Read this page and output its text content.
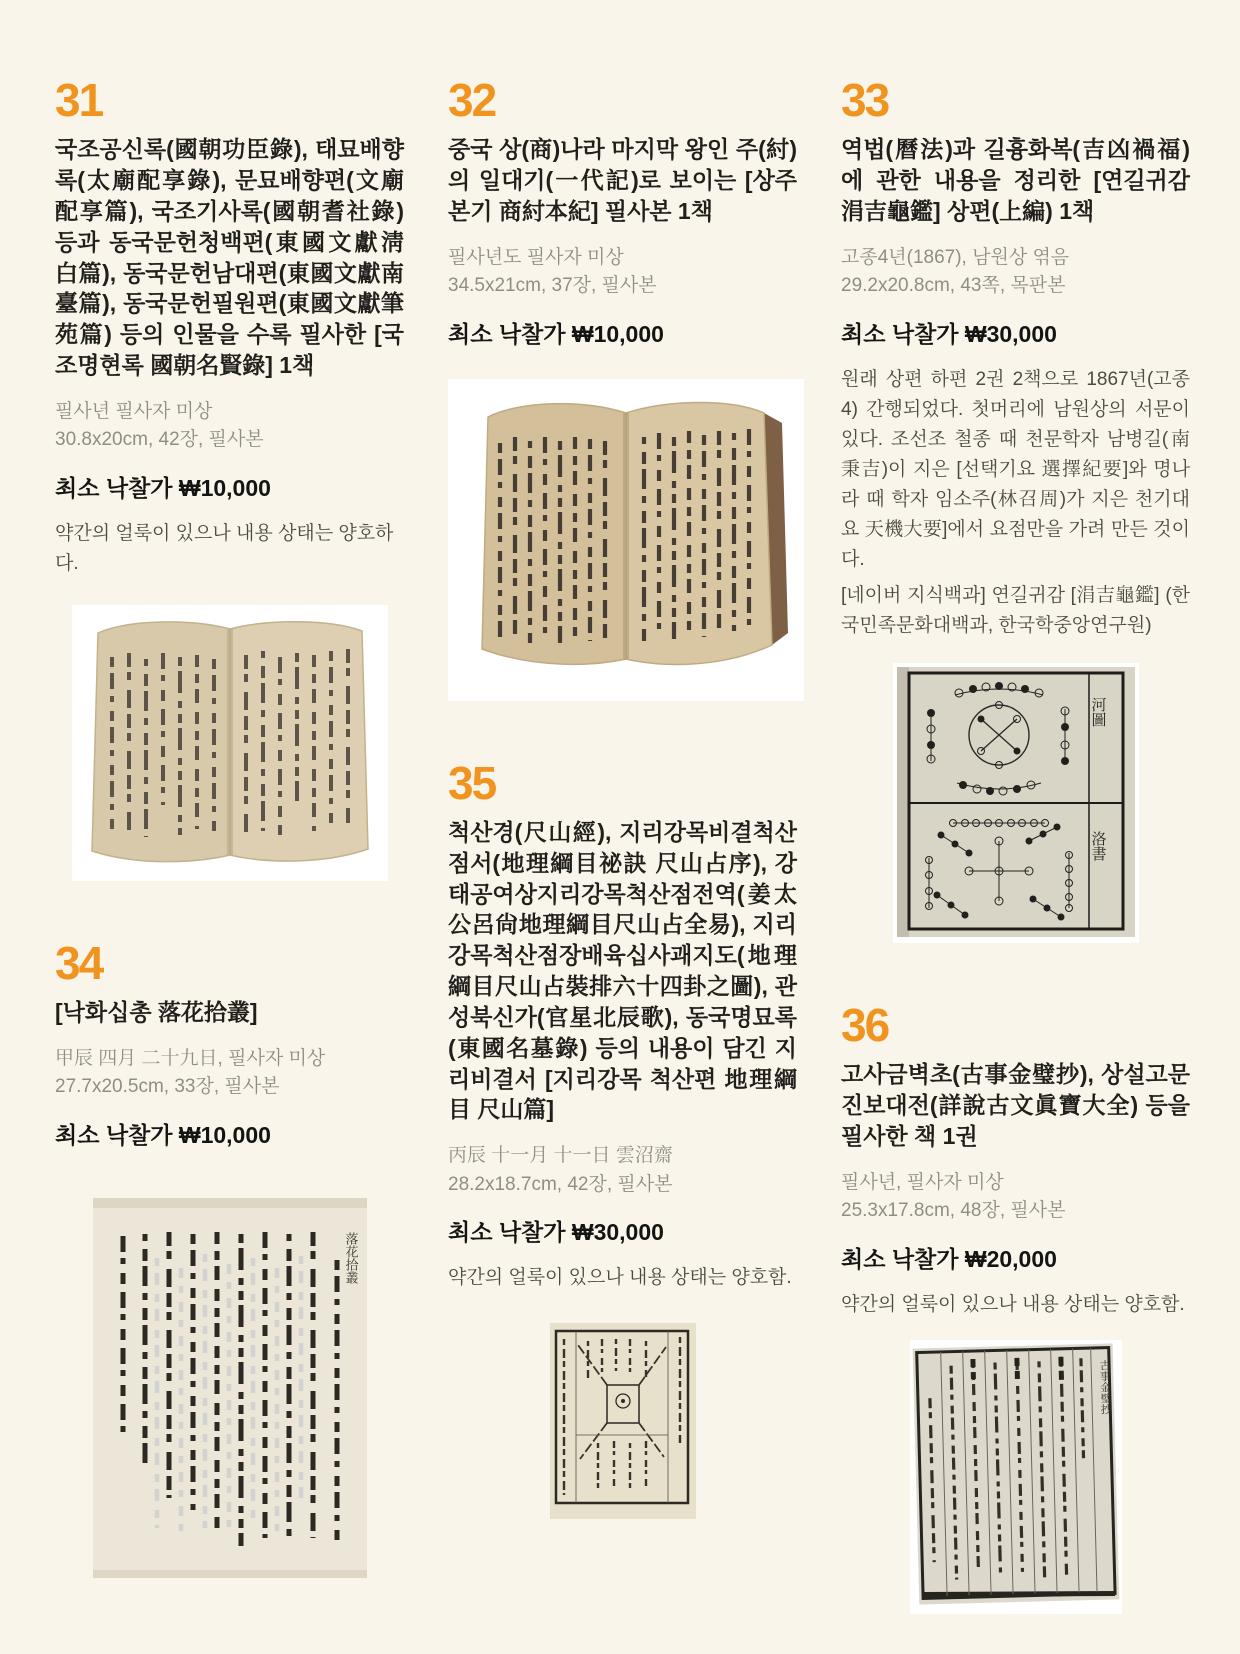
31
국조공신록(國朝功臣錄), 태묘배향록(太廟配享錄), 문묘배향편(文廟配享篇), 국조기사록(國朝耆社錄) 등과 동국문헌청백편(東國文獻淸白篇), 동국문헌남대편(東國文獻南臺篇), 동국문헌필원편(東國文獻筆苑篇) 등의 인물을 수록 필사한 [국조명현록 國朝名賢錄] 1책

필사년 필사자 미상
30.8x20cm, 42장, 필사본

최소 낙찰가 ₩10,000

약간의 얼룩이 있으나 내용 상태는 양호하다.

34
[낙화십총 落花拾叢]

甲辰 四月 二十九日, 필사자 미상
27.7x20.5cm, 33장, 필사본

최소 낙찰가 ₩10,000

落花拾叢
32
중국 상(商)나라 마지막 왕인 주(紂)의 일대기(一代記)로 보이는 [상주본기 商紂本紀] 필사본 1책

필사년도 필사자 미상
34.5x21cm, 37장, 필사본

최소 낙찰가 ₩10,000

35
척산경(尺山經), 지리강목비결척산점서(地理綱目祕訣 尺山占序), 강태공여상지리강목척산점전역(姜太公呂尙地理綱目尺山占全易), 지리강목척산점장배육십사괘지도(地理綱目尺山占裝排六十四卦之圖), 관성북신가(官星北辰歌), 동국명묘록(東國名墓錄) 등의 내용이 담긴 지리비결서 [지리강목 척산편 地理綱目 尺山篇]

丙辰 十一月 十一日 雲沼齋
28.2x18.7cm, 42장, 필사본

최소 낙찰가 ₩30,000

약간의 얼룩이 있으나 내용 상태는 양호함.

33
역법(曆法)과 길흉화복(吉凶禍福)에 관한 내용을 정리한 [연길귀감 涓吉龜鑑] 상편(上編) 1책

고종4년(1867), 남원상 엮음
29.2x20.8cm, 43쪽, 목판본

최소 낙찰가 ₩30,000

원래 상편 하편 2권 2책으로 1867년(고종 4) 간행되었다. 첫머리에 남원상의 서문이 있다. 조선조 철종 때 천문학자 남병길(南秉吉)이 지은 [선택기요 選擇紀要]와 명나라 때 학자 임소주(林召周)가 지은 천기대요 天機大要]에서 요점만을 가려 만든 것이다.

[네이버 지식백과] 연길귀감 [涓吉龜鑑] (한국민족문화대백과, 한국학중앙연구원)

河圖
洛書
36
고사금벽초(古事金璧抄), 상설고문진보대전(詳說古文眞寶大全) 등을 필사한 책 1권

필사년, 필사자 미상
25.3x17.8cm, 48장, 필사본

최소 낙찰가 ₩20,000

약간의 얼룩이 있으나 내용 상태는 양호함.

古事金璧抄
